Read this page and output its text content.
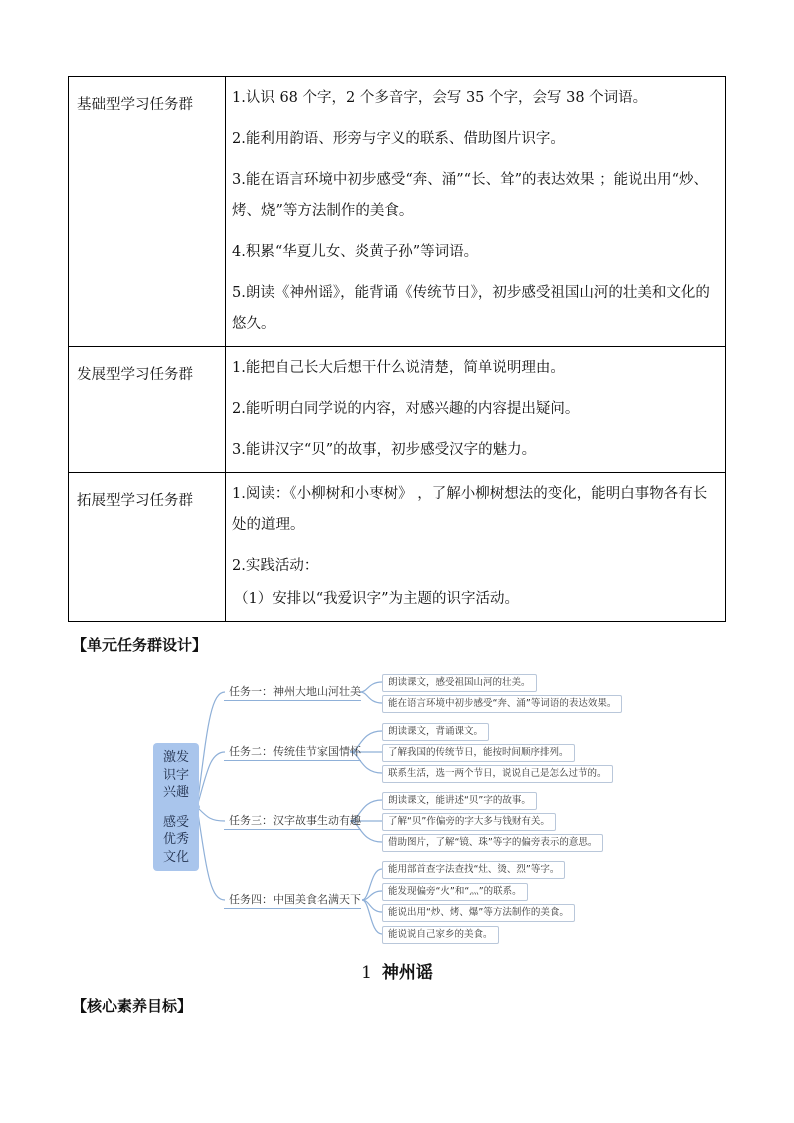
基础型学习任务群	1.认识 68 个字，2 个多音字，会写 35 个字，会写 38 个词语。

2.能利用韵语、形旁与字义的联系、借助图片识字。

3.能在语言环境中初步感受“奔、涌”“长、耸”的表达效果 ；能说出用“炒、烤、烧”等方法制作的美食。

4.积累“华夏儿女、炎黄子孙”等词语。

5.朗读《神州谣》，能背诵《传统节日》，初步感受祖国山河的壮美和文化的悠久。

发展型学习任务群	1.能把自己长大后想干什么说清楚，简单说明理由。

2.能听明白同学说的内容，对感兴趣的内容提出疑问。

3.能讲汉字“贝”的故事，初步感受汉字的魅力。

拓展型学习任务群	1.阅读：《小柳树和小枣树》 ，了解小柳树想法的变化，能明白事物各有长处的道理。

2.实践活动：

（1）安排以“我爱识字”为主题的识字活动。

【单元任务群设计】
激发
识字
兴趣
感受
优秀
文化
任务一：神州大地山河壮美
任务二：传统佳节家国情怀
任务三：汉字故事生动有趣
任务四：中国美食名满天下
朗读课文，感受祖国山河的壮美。
能在语言环境中初步感受“奔、涌”等词语的表达效果。
朗读课文，背诵课文。
了解我国的传统节日，能按时间顺序排列。
联系生活，选一两个节日，说说自己是怎么过节的。
朗读课文，能讲述“贝”字的故事。
了解“贝”作偏旁的字大多与钱财有关。
借助图片，了解“镜、珠”等字的偏旁表示的意思。
能用部首查字法查找“灶、烫、烈”等字。
能发现偏旁“火”和“灬”的联系。
能说出用“炒、烤、爆”等方法制作的美食。
能说说自己家乡的美食。
1 神州谣
【核心素养目标】
